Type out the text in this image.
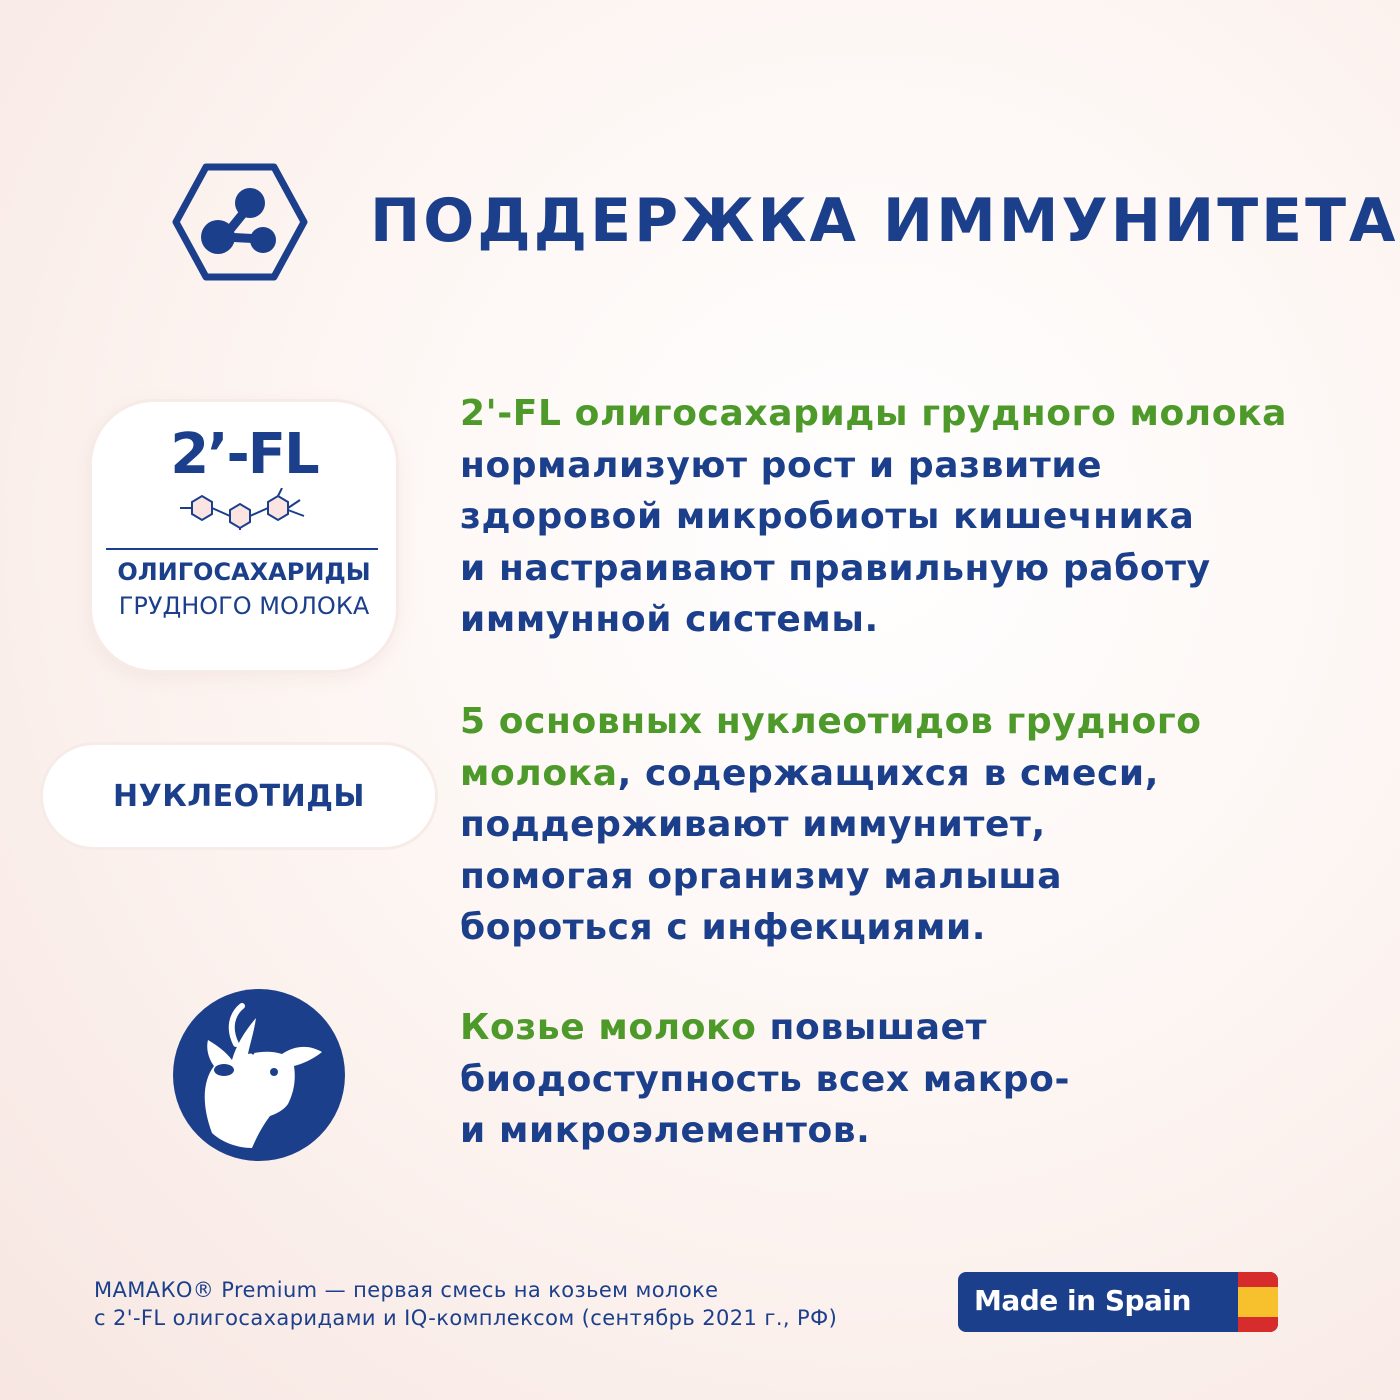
ПОДДЕРЖКА ИММУНИТЕТА
2’-FL
ОЛИГОСАХАРИДЫ
ГРУДНОГО МОЛОКА
НУКЛЕОТИДЫ
2'-FL олигосахариды грудного молока
нормализуют рост и развитие
здоровой микробиоты кишечника
и настраивают правильную работу
иммунной системы.
5 основных нуклеотидов грудного
молока, содержащихся в смеси,
поддерживают иммунитет,
помогая организму малыша
бороться с инфекциями.
Козье молоко повышает
биодоступность всех макро-
и микроэлементов.
МАМАКО® Premium — первая смесь на козьем молоке
с 2'-FL олигосахаридами и IQ-комплексом (сентябрь 2021 г., РФ)
Made in Spain
